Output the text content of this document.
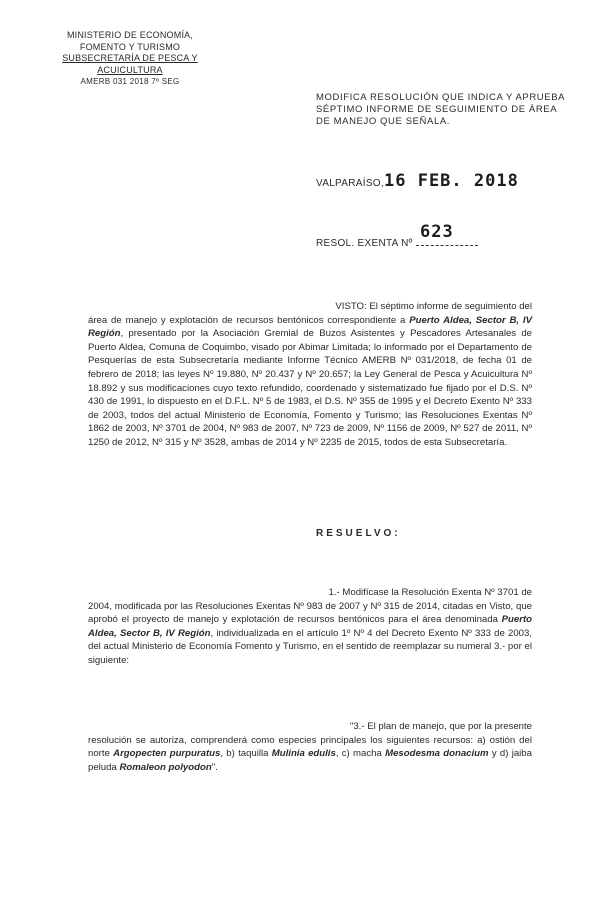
MINISTERIO DE ECONOMÍA,
FOMENTO Y TURISMO
SUBSECRETARÍA DE PESCA Y ACUICULTURA
AMERB 031 2018 7º SEG
MODIFICA RESOLUCIÓN QUE INDICA Y APRUEBA
SÉPTIMO INFORME DE SEGUIMIENTO DE ÁREA
DE MANEJO QUE SEÑALA.
VALPARAÍSO, 16 FEB. 2018
RESOL. EXENTA Nº
623
VISTO: El séptimo informe de seguimiento del
área de manejo y explotación de recursos bentónicos correspondiente a Puerto Aldea, Sector B, IV Región, presentado por la Asociación Gremial de Buzos Asistentes y Pescadores Artesanales de Puerto Aldea, Comuna de Coquimbo, visado por Abimar Limitada; lo informado por el Departamento de Pesquerías de esta Subsecretaría mediante Informe Técnico AMERB Nº 031/2018, de fecha 01 de febrero de 2018; las leyes Nº 19.880, Nº 20.437 y Nº 20.657; la Ley General de Pesca y Acuicultura Nº 18.892 y sus modificaciones cuyo texto refundido, coordenado y sistematizado fue fijado por el D.S. Nº 430 de 1991, lo dispuesto en el D.F.L. Nº 5 de 1983, el D.S. Nº 355 de 1995 y el Decreto Exento Nº 333 de 2003, todos del actual Ministerio de Economía, Fomento y Turismo; las Resoluciones Exentas Nº 1862 de 2003, Nº 3701 de 2004, Nº 983 de 2007, Nº 723 de 2009, Nº 1156 de 2009, Nº 527 de 2011, Nº 1250 de 2012, Nº 315 y Nº 3528, ambas de 2014 y Nº 2235 de 2015, todos de esta Subsecretaría.
RESUELVO:
1.- Modifícase la Resolución Exenta Nº 3701 de
2004, modificada por las Resoluciones Exentas Nº 983 de 2007 y Nº 315 de 2014, citadas en Visto, que aprobó el proyecto de manejo y explotación de recursos bentónicos para el área denominada Puerto Aldea, Sector B, IV Región, individualizada en el artículo 1º Nº 4 del Decreto Exento Nº 333 de 2003, del actual Ministerio de Economía Fomento y Turismo, en el sentido de reemplazar su numeral 3.- por el siguiente:
"3.- El plan de manejo, que por la presente
resolución se autoriza, comprenderá como especies principales los siguientes recursos: a) ostión del norte Argopecten purpuratus, b) taquilla Mulinia edulis, c) macha Mesodesma donacium y d) jaiba peluda Romaleon polyodon".
